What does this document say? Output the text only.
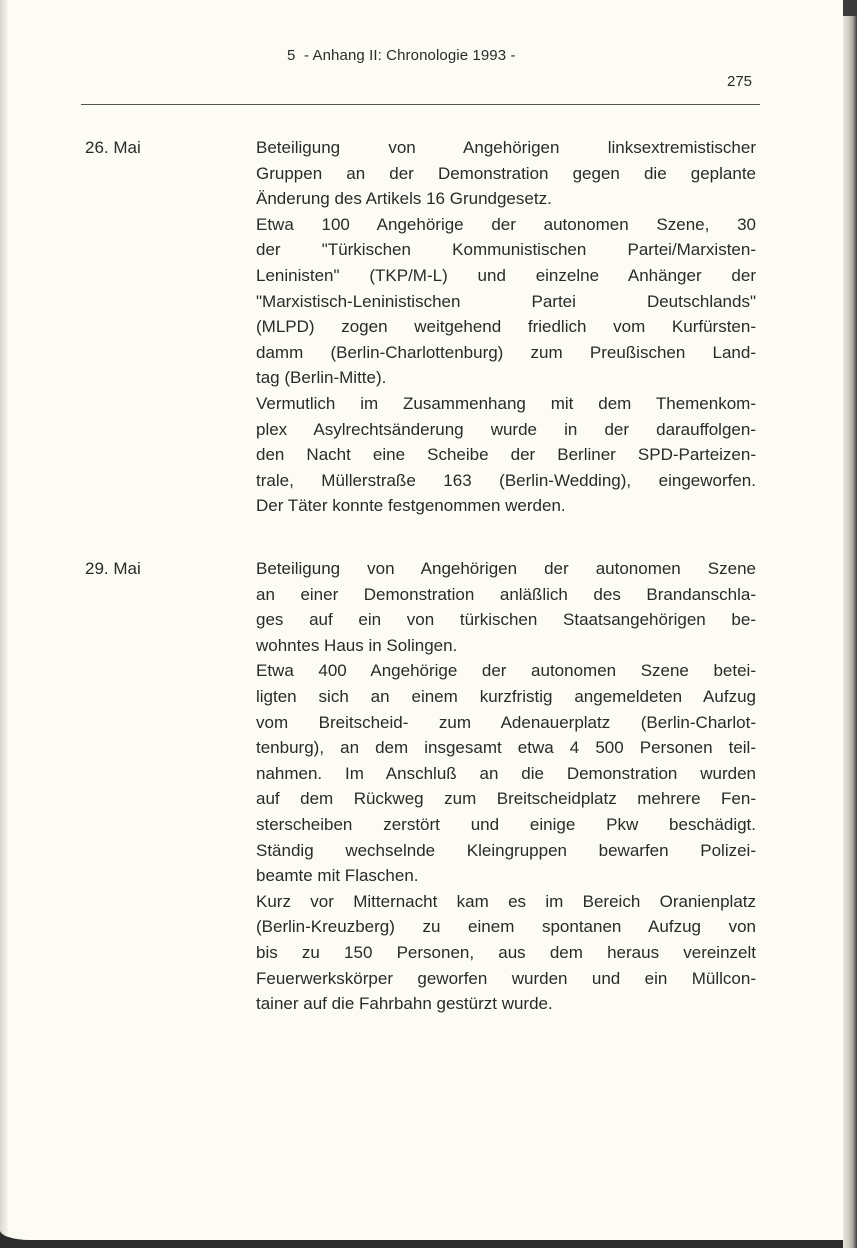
5  - Anhang II: Chronologie 1993 -
275
26. Mai	Beteiligung von Angehörigen linksextremistischer
Gruppen an der Demonstration gegen die geplante
Änderung des Artikels 16 Grundgesetz.
Etwa 100 Angehörige der autonomen Szene, 30
der "Türkischen Kommunistischen Partei/Marxisten-
Leninisten" (TKP/M-L) und einzelne Anhänger der
"Marxistisch-Leninistischen Partei Deutschlands"
(MLPD) zogen weitgehend friedlich vom Kurfürsten-
damm (Berlin-Charlottenburg) zum Preußischen Land-
tag (Berlin-Mitte).
Vermutlich im Zusammenhang mit dem Themenkom-
plex Asylrechtsänderung wurde in der darauffolgen-
den Nacht eine Scheibe der Berliner SPD-Parteizen-
trale, Müllerstraße 163 (Berlin-Wedding), eingeworfen.
Der Täter konnte festgenommen werden.
29. Mai	Beteiligung von Angehörigen der autonomen Szene
an einer Demonstration anläßlich des Brandanschla-
ges auf ein von türkischen Staatsangehörigen be-
wohntes Haus in Solingen.
Etwa 400 Angehörige der autonomen Szene betei-
ligten sich an einem kurzfristig angemeldeten Aufzug
vom Breitscheid- zum Adenauerplatz (Berlin-Charlot-
tenburg), an dem insgesamt etwa 4 500 Personen teil-
nahmen. Im Anschluß an die Demonstration wurden
auf dem Rückweg zum Breitscheidplatz mehrere Fen-
sterscheiben zerstört und einige Pkw beschädigt.
Ständig wechselnde Kleingruppen bewarfen Polizei-
beamte mit Flaschen.
Kurz vor Mitternacht kam es im Bereich Oranienplatz
(Berlin-Kreuzberg) zu einem spontanen Aufzug von
bis zu 150 Personen, aus dem heraus vereinzelt
Feuerwerkskörper geworfen wurden und ein Müllcon-
tainer auf die Fahrbahn gestürzt wurde.
